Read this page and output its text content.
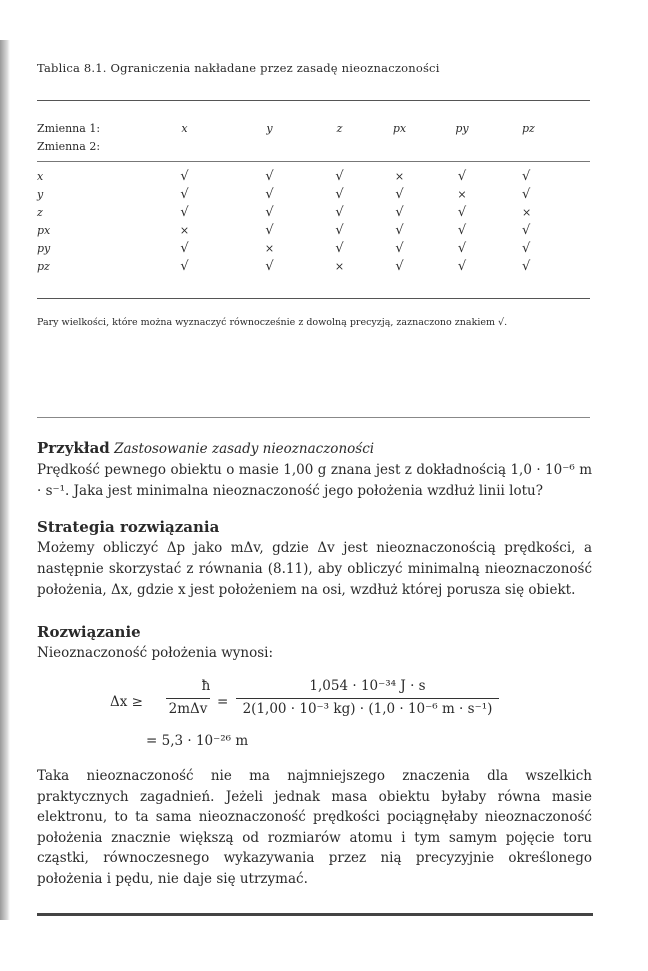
Tablica 8.1. Ograniczenia nakładane przez zasadę nieoznaczoności
Zmienna 1:	x	y	z	px	py	pz
Zmienna 2:						

x	√	√	√	×	√	√
y	√	√	√	√	×	√
z	√	√	√	√	√	×
px	×	√	√	√	√	√
py	√	×	√	√	√	√
pz	√	√	×	√	√	√
Pary wielkości, które można wyznaczyć równocześnie z dowolną precyzją, zaznaczono znakiem √.
Przykład Zastosowanie zasady nieoznaczoności
Prędkość pewnego obiektu o masie 1,00 g znana jest z dokładnością 1,0 · 10⁻⁶ m · s⁻¹. Jaka jest minimalna nieoznaczoność jego położenia wzdłuż linii lotu?
Strategia rozwiązania
Możemy obliczyć Δp jako mΔv, gdzie Δv jest nieoznaczonością prędkości, a następnie skorzystać z równania (8.11), aby obliczyć minimalną nieoznaczoność położenia, Δx, gdzie x jest położeniem na osi, wzdłuż której porusza się obiekt.
Rozwiązanie
Nieoznaczoność położenia wynosi:
Δx ≥
ħ
2mΔv =
1,054 · 10⁻³⁴ J · s
2(1,00 · 10⁻³ kg) · (1,0 · 10⁻⁶ m · s⁻¹)
= 5,3 · 10⁻²⁶ m
Taka nieoznaczoność nie ma najmniejszego znaczenia dla wszelkich praktycznych zagadnień. Jeżeli jednak masa obiektu byłaby równa masie elektronu, to ta sama nieoznaczoność prędkości pociągnęłaby nieoznaczoność położenia znacznie większą od rozmiarów atomu i tym samym pojęcie toru cząstki, równoczesnego wykazywania przez nią precyzyjnie określonego położenia i pędu, nie daje się utrzymać.
